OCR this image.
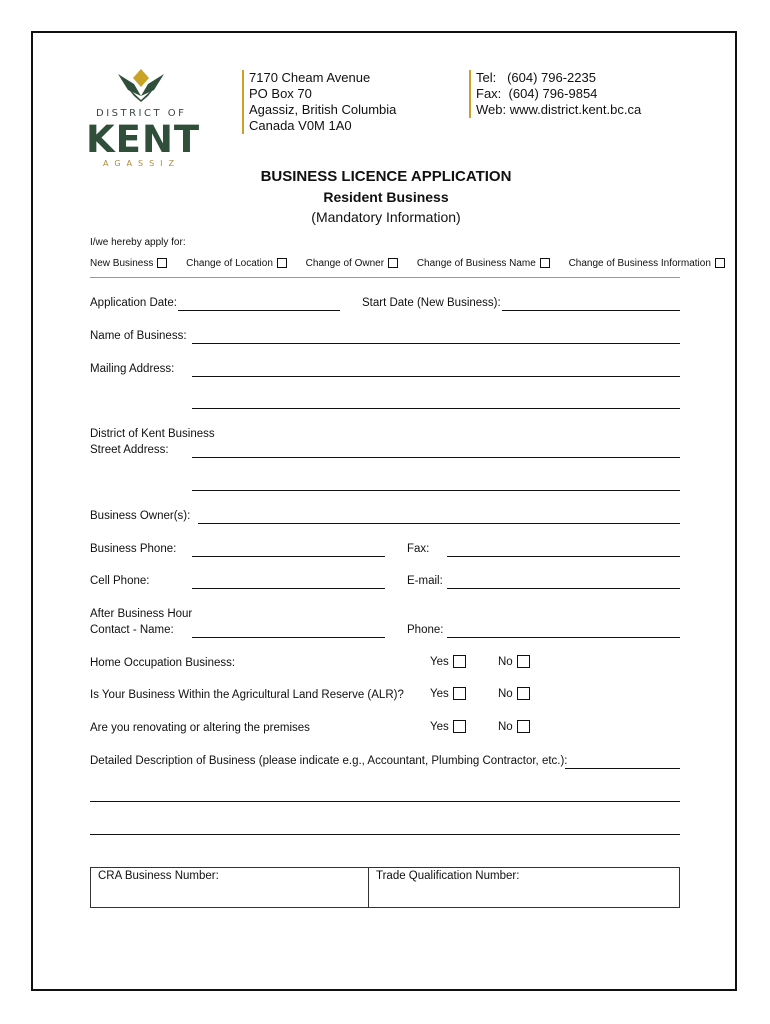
DISTRICT OF
KENT
AGASSIZ
7170 Cheam Avenue
PO Box 70
Agassiz, British Columbia
Canada V0M 1A0
Tel:   (604) 796-2235
Fax:  (604) 796-9854
Web: www.district.kent.bc.ca
BUSINESS LICENCE APPLICATION
Resident Business
(Mandatory Information)
I/we hereby apply for:
New Business	Change of Location	Change of Owner	Change of Business Name	Change of Business Information
Application Date:	Start Date (New Business):
Name of Business:
Mailing Address:
District of Kent Business
Street Address:
Business Owner(s):
Business Phone:	Fax:
Cell Phone:	E-mail:
After Business Hour
Contact - Name:	Phone:
Home Occupation Business:	Yes	No
Is Your Business Within the Agricultural Land Reserve (ALR)? Yes	No
Are you renovating or altering the premises	Yes	No
Detailed Description of Business (please indicate e.g., Accountant, Plumbing Contractor, etc.):
CRA Business Number:	Trade Qualification Number:
